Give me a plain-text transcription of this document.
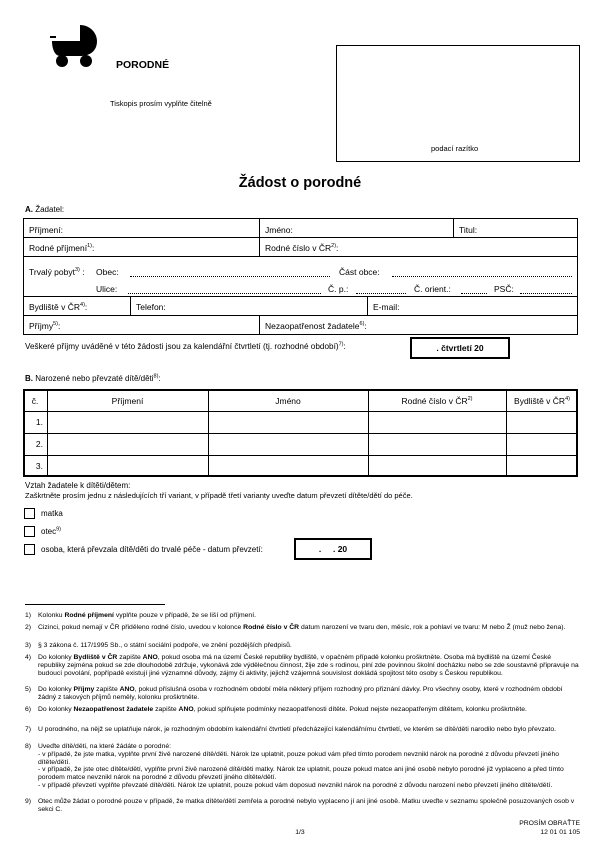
PORODNÉ
Tiskopis prosím vyplňte čitelně
podací razítko
Žádost o porodné
A. Žadatel:
Příjmení:	Jméno:	Titul:
Rodné příjmení$^{1)}$:	Rodné číslo v ČR$^{2)}$:
Trvalý pobyt$^{3)}$ :	Obec:	Část obce:
Ulice:	Č. p.:	Č. orient.:	PSČ:
Bydliště v ČR$^{4)}$:	Telefon:	E-mail:
Příjmy$^{5)}$:	Nezaopatřenost žadatele$^{6)}$:
Veškeré příjmy uváděné v této žádosti jsou za kalendářní čtvrtletí (tj. rozhodné období)$^{7)}$:	. čtvrtletí 20
B. Narozené nebo převzaté dítě/děti$^{8)}$:
č.	Příjmení	Jméno	Rodné číslo v ČR$^{2)}$	Bydliště v ČR$^{4)}$
1.
2.
3.
Vztah žadatele k dítěti/dětem:
Zaškrtněte prosím jednu z následujících tří variant, v případě třetí varianty uveďte datum převzetí dítěte/dětí do péče.
matka
otec$^{9)}$
osoba, která převzala dítě/děti do trvalé péče - datum převzetí:	.     . 20
1) Kolonku Rodné příjmení vyplňte pouze v případě, že se liší od příjmení.
2) Cizinci, pokud nemají v ČR přiděleno rodné číslo, uvedou v kolonce Rodné číslo v ČR datum narození ve tvaru den, měsíc, rok a pohlaví ve tvaru: M nebo Ž (muž nebo žena).
3) § 3 zákona č. 117/1995 Sb., o státní sociální podpoře, ve znění pozdějších předpisů.
4) Do kolonky Bydliště v ČR zapište ANO, pokud osoba má na území České republiky bydliště, v opačném případě kolonku proškrtněte. Osoba má bydliště na území České republiky zejména pokud se zde dlouhodobě zdržuje, vykonává zde výdělečnou činnost, žije zde s rodinou, plní zde povinnou školní docházku nebo se zde soustavně připravuje na budoucí povolání, popřípadě existují jiné významné důvody, zájmy či aktivity, jejichž vzájemná souvislost dokládá spojitost této osoby s Českou republikou.
5) Do kolonky Příjmy zapište ANO, pokud příslušná osoba v rozhodném období měla některý příjem rozhodný pro přiznání dávky. Pro všechny osoby, které v rozhodném období žádný z takových příjmů neměly, kolonku proškrtněte.
6) Do kolonky Nezaopatřenost žadatele zapište ANO, pokud splňujete podmínky nezaopatřenosti dítěte. Pokud nejste nezaopatřeným dítětem, kolonku proškrtněte.
7) U porodného, na nějž se uplatňuje nárok, je rozhodným obdobím kalendářní čtvrtletí předcházející kalendářnímu čtvrtletí, ve kterém se dítě/děti narodilo nebo bylo převzato.
8) Uveďte dítě/děti, na které žádáte o porodné:
- v případě, že jste matka, vyplňte první živě narozené dítě/děti. Nárok lze uplatnit, pouze pokud vám před tímto porodem nevznikl nárok na porodné z důvodu převzetí jiného dítěte/dětí.
- v případě, že jste otec dítěte/dětí, vyplňte první živě narozené dítě/děti matky. Nárok lze uplatnit, pouze pokud matce ani jiné osobě nebylo porodné již vyplaceno a před tímto porodem matce nevznikl nárok na porodné z důvodu převzetí jiného dítěte/dětí.
- v případě převzetí vyplňte převzaté dítě/děti. Nárok lze uplatnit, pouze pokud vám doposud nevznikl nárok na porodné z důvodu narození nebo převzetí jiného dítěte/dětí.
9) Otec může žádat o porodné pouze v případě, že matka dítěte/dětí zemřela a porodné nebylo vyplaceno jí ani jiné osobě. Matku uveďte v seznamu společně posuzovaných osob v sekci C.
1/3
PROSÍM OBRAŤTE
12 01 01 105
